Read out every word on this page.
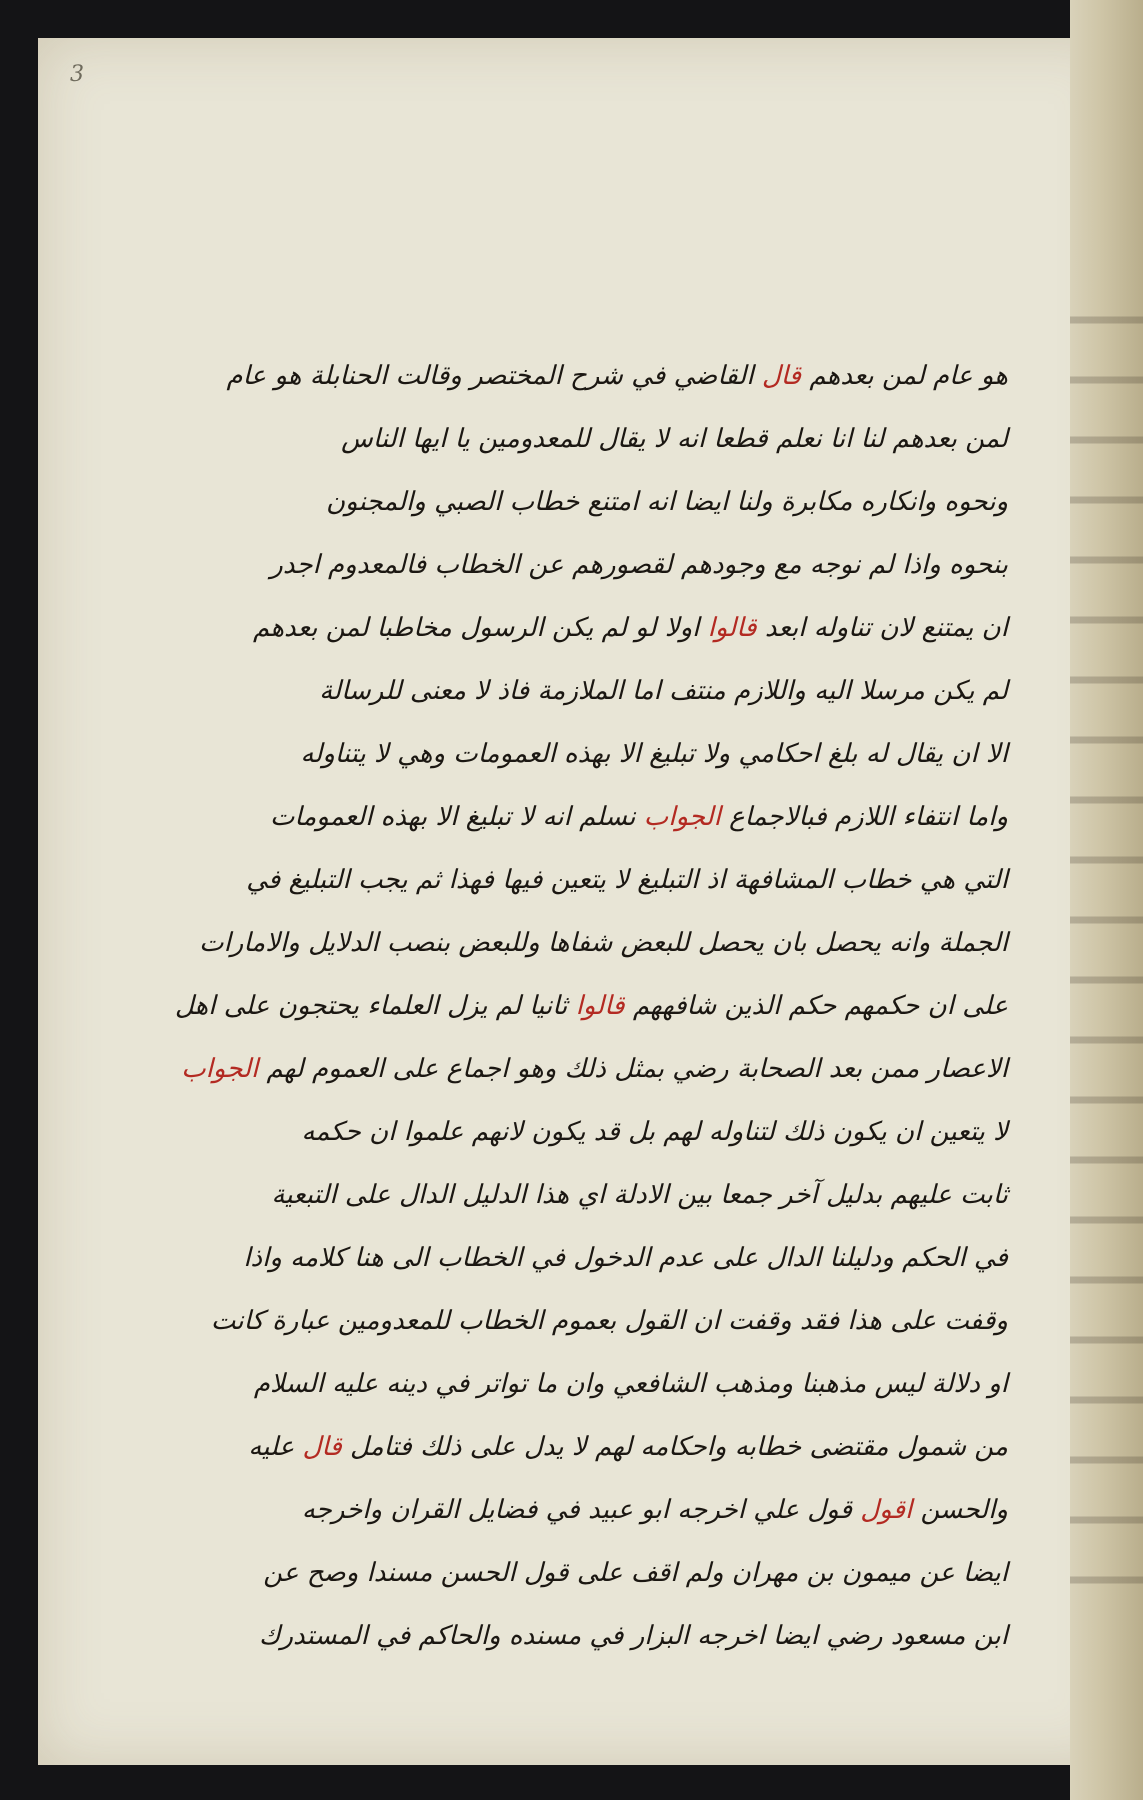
3
هو عام لمن بعدهم قال القاضي في شرح المختصر وقالت الحنابلة هو عام
لمن بعدهم لنا انا نعلم قطعا انه لا يقال للمعدومين يا ايها الناس
ونحوه وانكاره مكابرة ولنا ايضا انه امتنع خطاب الصبي والمجنون
بنحوه واذا لم نوجه مع وجودهم لقصورهم عن الخطاب فالمعدوم اجدر
ان يمتنع لان تناوله ابعد قالوا اولا لو لم يكن الرسول مخاطبا لمن بعدهم
لم يكن مرسلا اليه واللازم منتف اما الملازمة فاذ لا معنى للرسالة
الا ان يقال له بلغ احكامي ولا تبليغ الا بهذه العمومات وهي لا يتناوله
واما انتفاء اللازم فبالاجماع الجواب نسلم انه لا تبليغ الا بهذه العمومات
التي هي خطاب المشافهة اذ التبليغ لا يتعين فيها فهذا ثم يجب التبليغ في
الجملة وانه يحصل بان يحصل للبعض شفاها وللبعض بنصب الدلايل والامارات
على ان حكمهم حكم الذين شافههم قالوا ثانيا لم يزل العلماء يحتجون على اهل
الاعصار ممن بعد الصحابة رضي بمثل ذلك وهو اجماع على العموم لهم الجواب
لا يتعين ان يكون ذلك لتناوله لهم بل قد يكون لانهم علموا ان حكمه
ثابت عليهم بدليل آخر جمعا بين الادلة اي هذا الدليل الدال على التبعية
في الحكم ودليلنا الدال على عدم الدخول في الخطاب الى هنا كلامه واذا
وقفت على هذا فقد وقفت ان القول بعموم الخطاب للمعدومين عبارة كانت
او دلالة ليس مذهبنا ومذهب الشافعي وان ما تواتر في دينه عليه السلام
من شمول مقتضى خطابه واحكامه لهم لا يدل على ذلك فتامل قال عليه
والحسن اقول قول علي اخرجه ابو عبيد في فضايل القران واخرجه
ايضا عن ميمون بن مهران ولم اقف على قول الحسن مسندا وصح عن
ابن مسعود رضي ايضا اخرجه البزار في مسنده والحاكم في المستدرك
